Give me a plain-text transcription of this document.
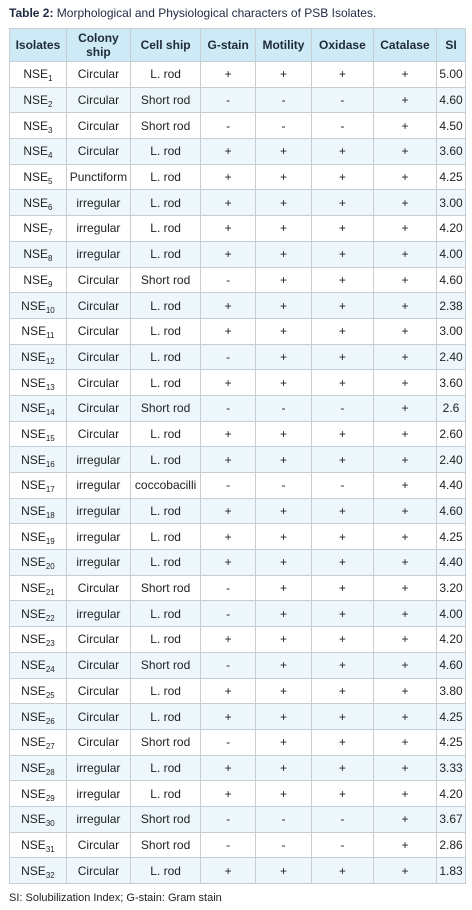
Table 2: Morphological and Physiological characters of PSB Isolates.
Isolates	Colony ship	Cell ship	G-stain	Motility	Oxidase	Catalase	SI
$NSE_1$	Circular	L. rod	+	+	+	+	5.00
$NSE_2$	Circular	Short rod	-	-	-	+	4.60
$NSE_3$	Circular	Short rod	-	-	-	+	4.50
$NSE_4$	Circular	L. rod	+	+	+	+	3.60
$NSE_5$	Punctiform	L. rod	+	+	+	+	4.25
$NSE_6$	irregular	L. rod	+	+	+	+	3.00
$NSE_7$	irregular	L. rod	+	+	+	+	4.20
$NSE_8$	irregular	L. rod	+	+	+	+	4.00
$NSE_9$	Circular	Short rod	-	+	+	+	4.60
$NSE_{10}$	Circular	L. rod	+	+	+	+	2.38
$NSE_{11}$	Circular	L. rod	+	+	+	+	3.00
$NSE_{12}$	Circular	L. rod	-	+	+	+	2.40
$NSE_{13}$	Circular	L. rod	+	+	+	+	3.60
$NSE_{14}$	Circular	Short rod	-	-	-	+	2.6
$NSE_{15}$	Circular	L. rod	+	+	+	+	2.60
$NSE_{16}$	irregular	L. rod	+	+	+	+	2.40
$NSE_{17}$	irregular	coccobacilli	-	-	-	+	4.40
$NSE_{18}$	irregular	L. rod	+	+	+	+	4.60
$NSE_{19}$	irregular	L. rod	+	+	+	+	4.25
$NSE_{20}$	irregular	L. rod	+	+	+	+	4.40
$NSE_{21}$	Circular	Short rod	-	+	+	+	3.20
$NSE_{22}$	irregular	L. rod	-	+	+	+	4.00
$NSE_{23}$	Circular	L. rod	+	+	+	+	4.20
$NSE_{24}$	Circular	Short rod	-	+	+	+	4.60
$NSE_{25}$	Circular	L. rod	+	+	+	+	3.80
$NSE_{26}$	Circular	L. rod	+	+	+	+	4.25
$NSE_{27}$	Circular	Short rod	-	+	+	+	4.25
$NSE_{28}$	irregular	L. rod	+	+	+	+	3.33
$NSE_{29}$	irregular	L. rod	+	+	+	+	4.20
$NSE_{30}$	irregular	Short rod	-	-	-	+	3.67
$NSE_{31}$	Circular	Short rod	-	-	-	+	2.86
$NSE_{32}$	Circular	L. rod	+	+	+	+	1.83
SI: Solubilization Index; G-stain: Gram stain
